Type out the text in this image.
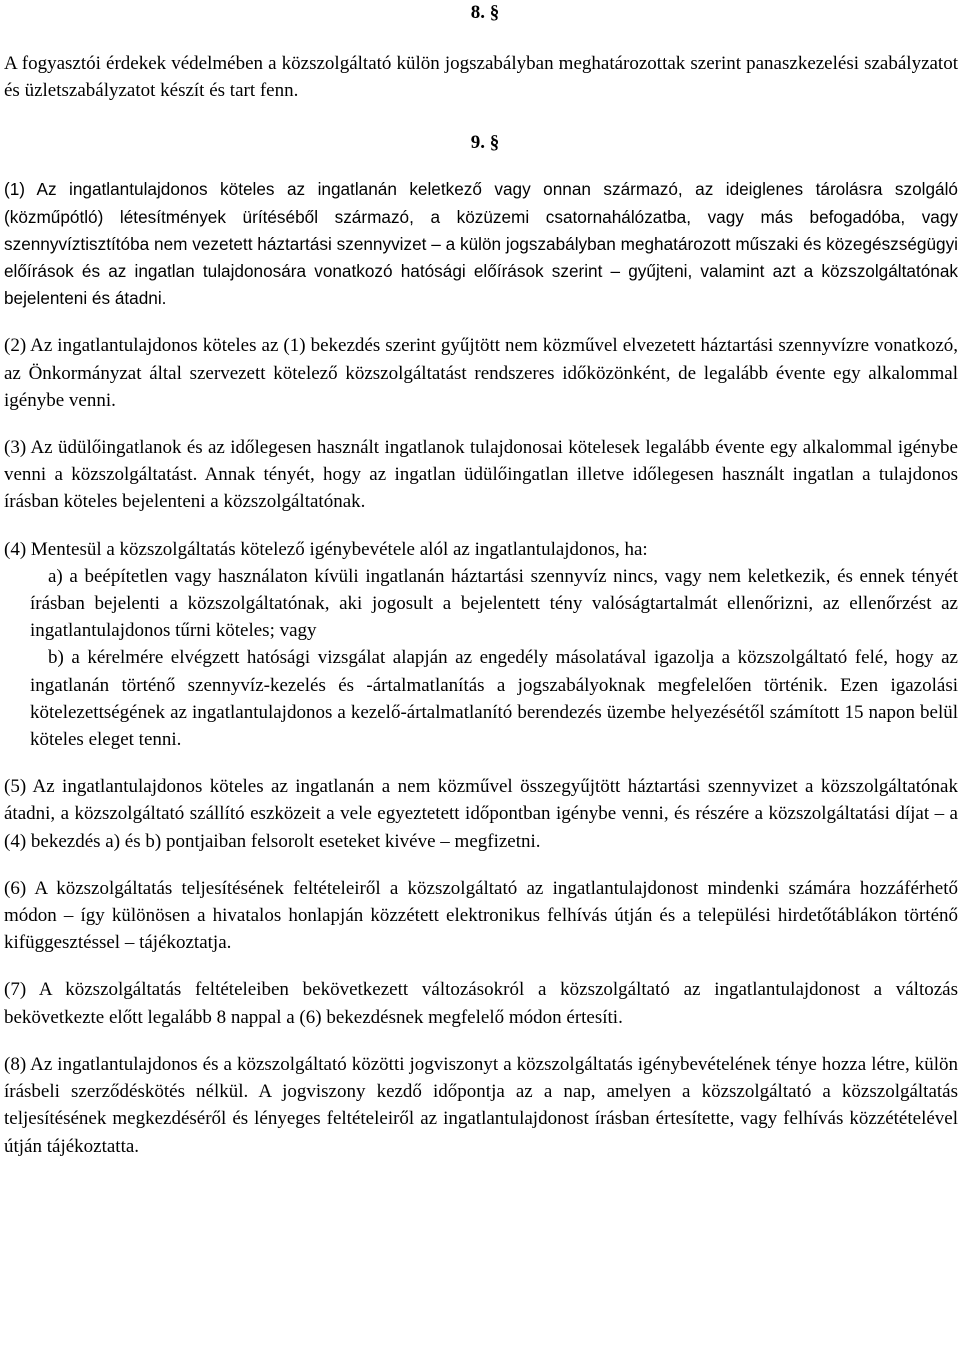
8. §

A fogyasztói érdekek védelmében a közszolgáltató külön jogszabályban meghatározottak szerint panaszkezelési szabályzatot és üzletszabályzatot készít és tart fenn.

9. §

(1) Az ingatlantulajdonos köteles az ingatlanán keletkező vagy onnan származó, az ideiglenes tárolásra szolgáló (közműpótló) létesítmények ürítéséből származó, a közüzemi csatornahálózatba, vagy más befogadóba, vagy szennyvíztisztítóba nem vezetett háztartási szennyvizet – a külön jogszabályban meghatározott műszaki és közegészségügyi előírások és az ingatlan tulajdonosára vonatkozó hatósági előírások szerint – gyűjteni, valamint azt a közszolgáltatónak bejelenteni és átadni.

(2) Az ingatlantulajdonos köteles az (1) bekezdés szerint gyűjtött nem közművel elvezetett háztartási szennyvízre vonatkozó, az Önkormányzat által szervezett kötelező közszolgáltatást rendszeres időközönként, de legalább évente egy alkalommal igénybe venni.

(3) Az üdülőingatlanok és az időlegesen használt ingatlanok tulajdonosai kötelesek legalább évente egy alkalommal igénybe venni a közszolgáltatást. Annak tényét, hogy az ingatlan üdülőingatlan illetve időlegesen használt ingatlan a tulajdonos írásban köteles bejelenteni a közszolgáltatónak.

(4) Mentesül a közszolgáltatás kötelező igénybevétele alól az ingatlantulajdonos, ha:

a) a beépítetlen vagy használaton kívüli ingatlanán háztartási szennyvíz nincs, vagy nem keletkezik, és ennek tényét írásban bejelenti a közszolgáltatónak, aki jogosult a bejelentett tény valóságtartalmát ellenőrizni, az ellenőrzést az ingatlantulajdonos tűrni köteles; vagy

b) a kérelmére elvégzett hatósági vizsgálat alapján az engedély másolatával igazolja a közszolgáltató felé, hogy az ingatlanán történő szennyvíz-kezelés és -ártalmatlanítás a jogszabályoknak megfelelően történik. Ezen igazolási kötelezettségének az ingatlantulajdonos a kezelő-ártalmatlanító berendezés üzembe helyezésétől számított 15 napon belül köteles eleget tenni.

(5) Az ingatlantulajdonos köteles az ingatlanán a nem közművel összegyűjtött háztartási szennyvizet a közszolgáltatónak átadni, a közszolgáltató szállító eszközeit a vele egyeztetett időpontban igénybe venni, és részére a közszolgáltatási díjat – a (4) bekezdés a) és b) pontjaiban felsorolt eseteket kivéve – megfizetni.

(6) A közszolgáltatás teljesítésének feltételeiről a közszolgáltató az ingatlantulajdonost mindenki számára hozzáférhető módon – így különösen a hivatalos honlapján közzétett elektronikus felhívás útján és a települési hirdetőtáblákon történő kifüggesztéssel – tájékoztatja.

(7) A közszolgáltatás feltételeiben bekövetkezett változásokról a közszolgáltató az ingatlantulajdonost a változás bekövetkezte előtt legalább 8 nappal a (6) bekezdésnek megfelelő módon értesíti.

(8) Az ingatlantulajdonos és a közszolgáltató közötti jogviszonyt a közszolgáltatás igénybevételének ténye hozza létre, külön írásbeli szerződéskötés nélkül. A jogviszony kezdő időpontja az a nap, amelyen a közszolgáltató a közszolgáltatás teljesítésének megkezdéséről és lényeges feltételeiről az ingatlantulajdonost írásban értesítette, vagy felhívás közzétételével útján tájékoztatta.
